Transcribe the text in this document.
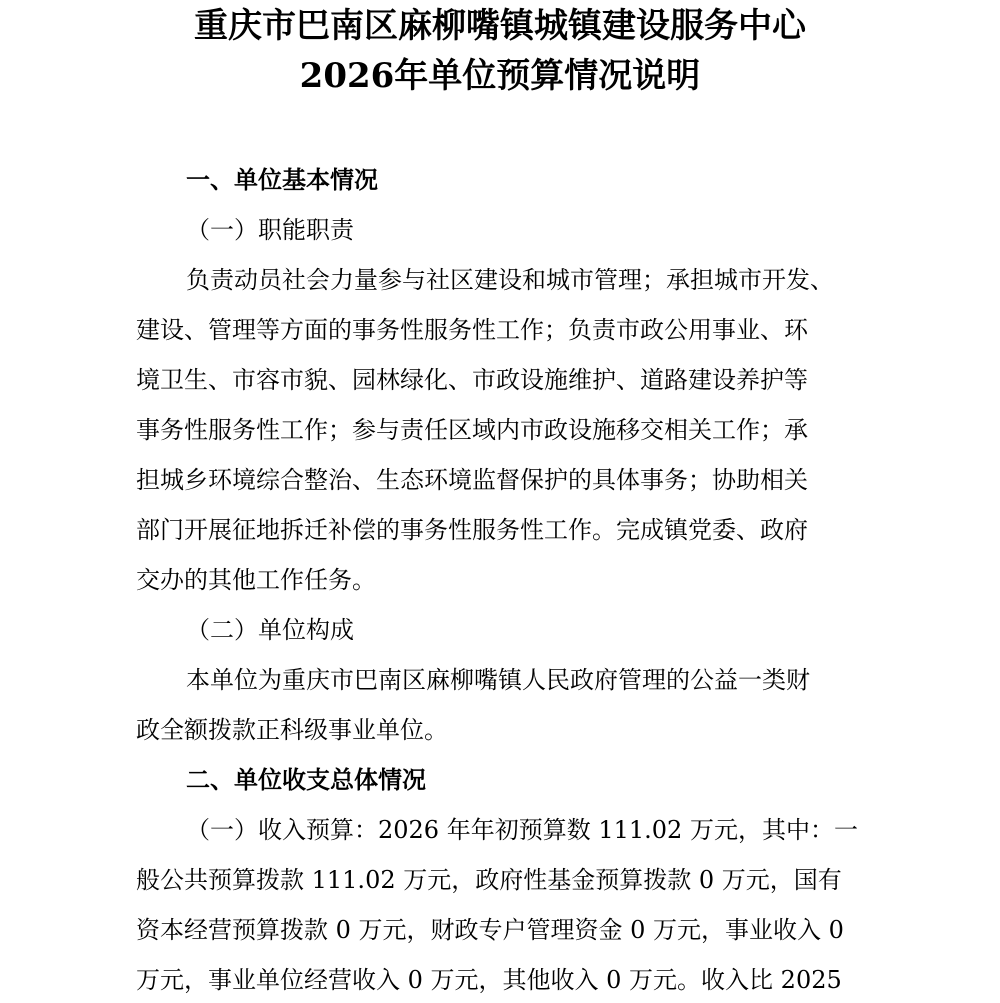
重庆市巴南区麻柳嘴镇城镇建设服务中心
2026年单位预算情况说明
一、单位基本情况
（一）职能职责
负责动员社会力量参与社区建设和城市管理；承担城市开发、
建设、管理等方面的事务性服务性工作；负责市政公用事业、环
境卫生、市容市貌、园林绿化、市政设施维护、道路建设养护等
事务性服务性工作；参与责任区域内市政设施移交相关工作；承
担城乡环境综合整治、生态环境监督保护的具体事务；协助相关
部门开展征地拆迁补偿的事务性服务性工作。完成镇党委、政府
交办的其他工作任务。
（二）单位构成
本单位为重庆市巴南区麻柳嘴镇人民政府管理的公益一类财
政全额拨款正科级事业单位。
二、单位收支总体情况
（一）收入预算：2026 年年初预算数 111.02 万元，其中：一
般公共预算拨款 111.02 万元，政府性基金预算拨款 0 万元，国有
资本经营预算拨款 0 万元，财政专户管理资金 0 万元，事业收入 0
万元，事业单位经营收入 0 万元，其他收入 0 万元。收入比 2025
